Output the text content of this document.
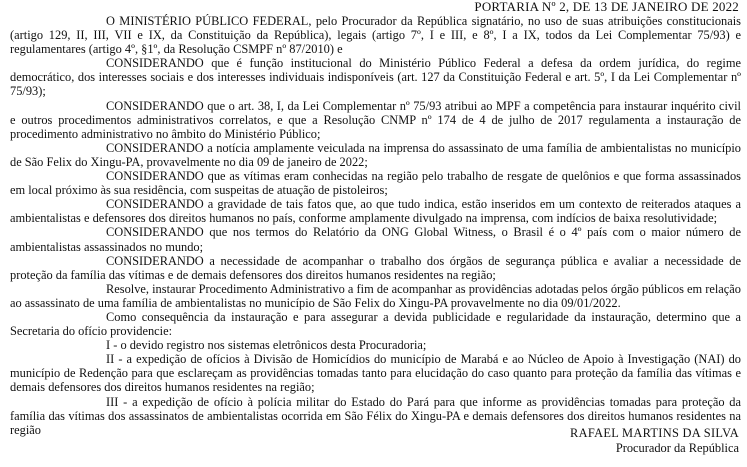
PORTARIA Nº 2, DE 13 DE JANEIRO DE 2022

O MINISTÉRIO PÚBLICO FEDERAL, pelo Procurador da República signatário, no uso de suas atribuições constitucionais (artigo 129, II, III, VII e IX, da Constituição da República), legais (artigo 7º, I e III, e 8º, I a IX, todos da Lei Complementar 75/93) e regulamentares (artigo 4º, §1º, da Resolução CSMPF nº 87/2010) e

CONSIDERANDO que é função institucional do Ministério Público Federal a defesa da ordem jurídica, do regime democrático, dos interesses sociais e dos interesses individuais indisponíveis (art. 127 da Constituição Federal e art. 5º, I da Lei Complementar nº 75/93);

CONSIDERANDO que o art. 38, I, da Lei Complementar nº 75/93 atribui ao MPF a competência para instaurar inquérito civil e outros procedimentos administrativos correlatos, e que a Resolução CNMP nº 174 de 4 de julho de 2017 regulamenta a instauração de procedimento administrativo no âmbito do Ministério Público;

CONSIDERANDO a notícia amplamente veiculada na imprensa do assassinato de uma família de ambientalistas no município de São Felix do Xingu-PA, provavelmente no dia 09 de janeiro de 2022;

CONSIDERANDO que as vítimas eram conhecidas na região pelo trabalho de resgate de quelônios e que forma assassinados em local próximo às sua residência, com suspeitas de atuação de pistoleiros;

CONSIDERANDO a gravidade de tais fatos que, ao que tudo indica, estão inseridos em um contexto de reiterados ataques a ambientalistas e defensores dos direitos humanos no país, conforme amplamente divulgado na imprensa, com indícios de baixa resolutividade;

CONSIDERANDO que nos termos do Relatório da ONG Global Witness, o Brasil é o 4º país com o maior número de ambientalistas assassinados no mundo;

CONSIDERANDO a necessidade de acompanhar o trabalho dos órgãos de segurança pública e avaliar a necessidade de proteção da família das vítimas e de demais defensores dos direitos humanos residentes na região;

Resolve, instaurar Procedimento Administrativo a fim de acompanhar as providências adotadas pelos órgão públicos em relação ao assassinato de uma família de ambientalistas no município de São Felix do Xingu-PA provavelmente no dia 09/01/2022.

Como consequência da instauração e para assegurar a devida publicidade e regularidade da instauração, determino que a Secretaria do ofício providencie:

I - o devido registro nos sistemas eletrônicos desta Procuradoria;

II - a expedição de ofícios à Divisão de Homicídios do município de Marabá e ao Núcleo de Apoio à Investigação (NAI) do município de Redenção para que esclareçam as providências tomadas tanto para elucidação do caso quanto para proteção da família das vítimas e demais defensores dos direitos humanos residentes na região;

III - a expedição de ofício à polícia militar do Estado do Pará para que informe as providências tomadas para proteção da família das vítimas dos assassinatos de ambientalistas ocorrida em São Félix do Xingu-PA e demais defensores dos direitos humanos residentes na região	RAFAEL MARTINS DA SILVA
Procurador da República
